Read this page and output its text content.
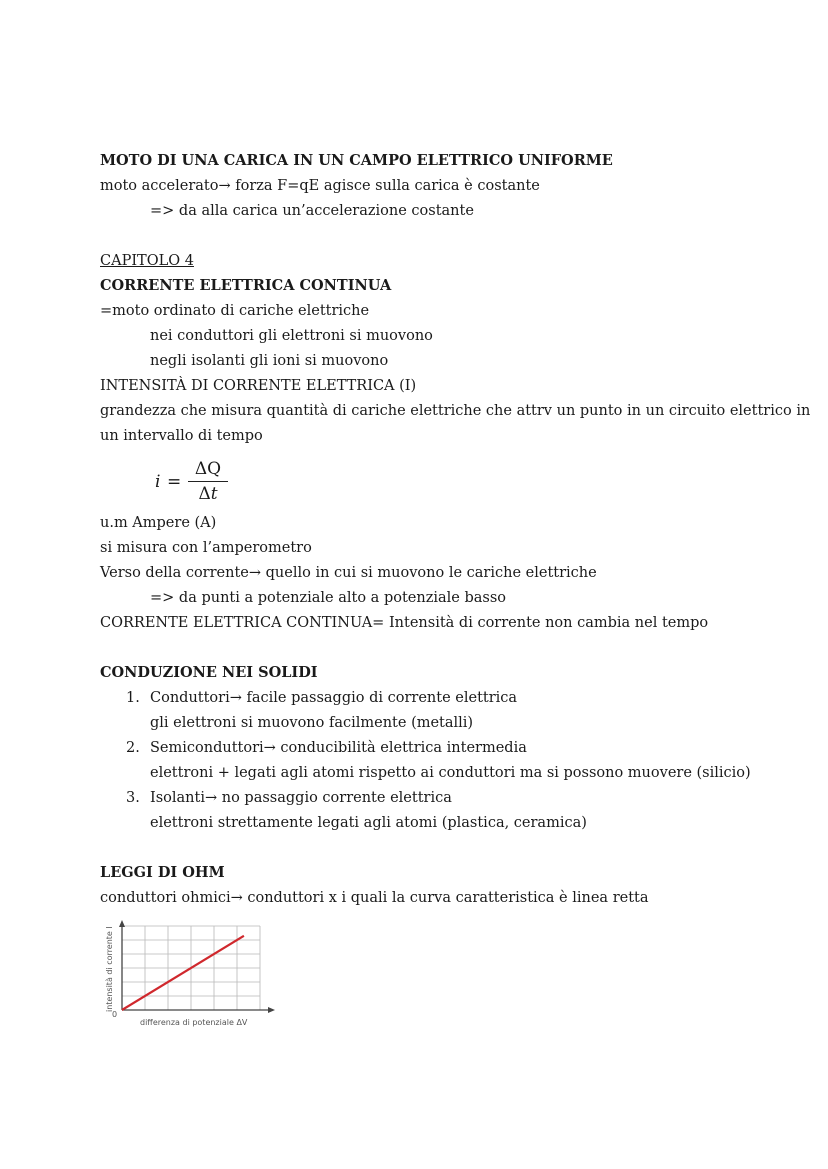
MOTO DI UNA CARICA IN UN CAMPO ELETTRICO UNIFORME
moto accelerato→ forza F=qE agisce sulla carica è costante
=> da alla carica un’accelerazione costante
CAPITOLO 4
CORRENTE ELETTRICA CONTINUA
=moto ordinato di cariche elettriche
nei conduttori gli elettroni si muovono
negli isolanti gli ioni si muovono
INTENSITÀ DI CORRENTE ELETTRICA (I)
grandezza che misura quantità di cariche elettriche che attrv un punto in un circuito elettrico in
un intervallo di tempo
i =
ΔQ
Δt
u.m Ampere (A)
si misura con l’amperometro
Verso della corrente→ quello in cui si muovono le cariche elettriche
=> da punti a potenziale alto a potenziale basso
CORRENTE ELETTRICA CONTINUA= Intensità di corrente non cambia nel tempo
CONDUZIONE NEI SOLIDI
1. Conduttori→ facile passaggio di corrente elettrica
gli elettroni si muovono facilmente (metalli)
2. Semiconduttori→ conducibilità elettrica intermedia
elettroni + legati agli atomi rispetto ai conduttori ma si possono muovere (silicio)
3. Isolanti→ no passaggio corrente elettrica
elettroni strettamente legati agli atomi (plastica, ceramica)
LEGGI DI OHM
conduttori ohmici→ conduttori x i quali la curva caratteristica è linea retta
0
differenza di potenziale ΔV
intensità di corrente I
